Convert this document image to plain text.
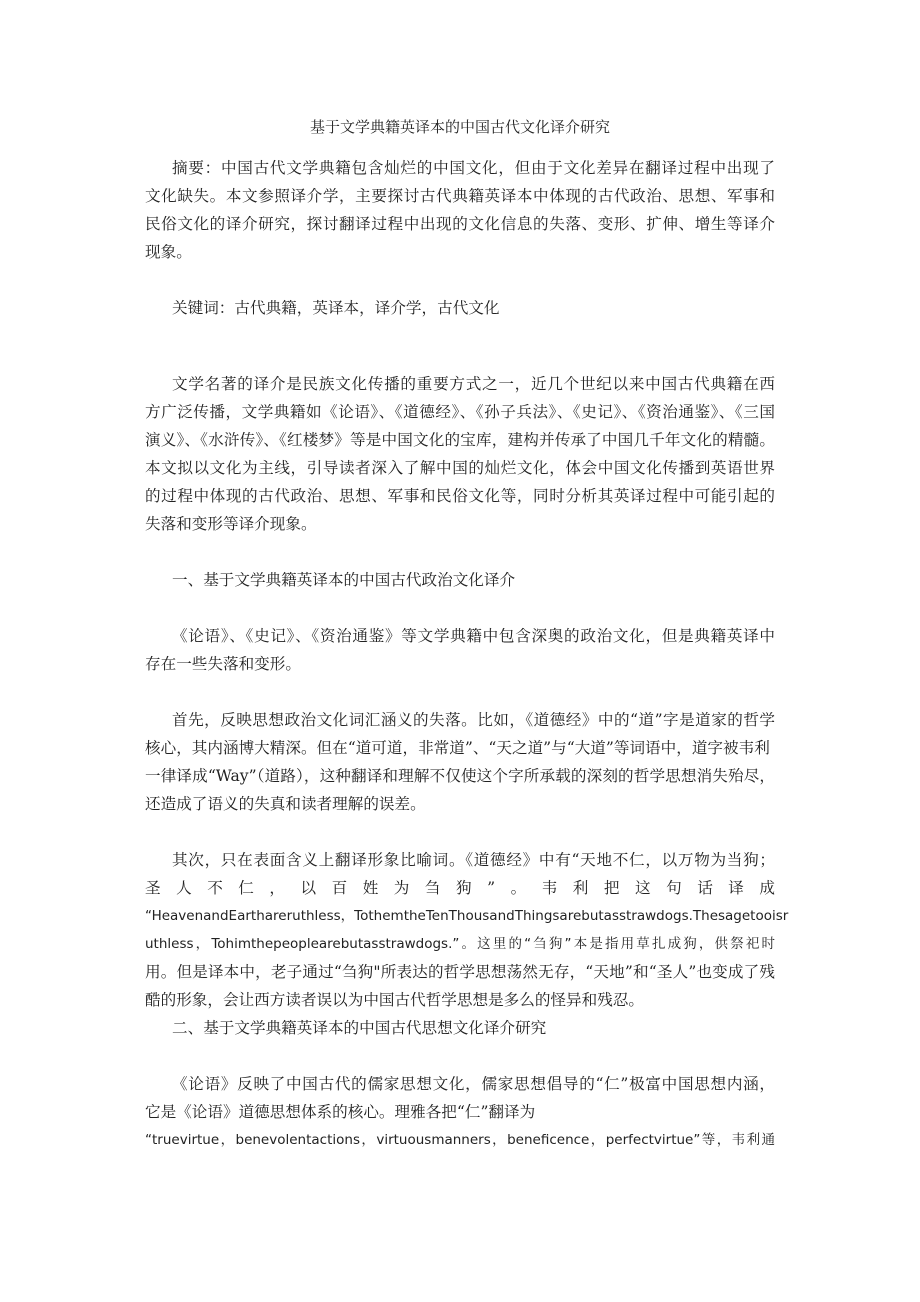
基于文学典籍英译本的中国古代文化译介研究
摘要：中国古代文学典籍包含灿烂的中国文化，但由于文化差异在翻译过程中出现了
文化缺失。本文参照译介学，主要探讨古代典籍英译本中体现的古代政治、思想、军事和
民俗文化的译介研究，探讨翻译过程中出现的文化信息的失落、变形、扩伸、增生等译介
现象。
关键词：古代典籍，英译本，译介学，古代文化
文学名著的译介是民族文化传播的重要方式之一，近几个世纪以来中国古代典籍在西
方广泛传播，文学典籍如《论语》、《道德经》、《孙子兵法》、《史记》、《资治通鉴》、《三国
演义》、《水浒传》、《红楼梦》等是中国文化的宝库，建构并传承了中国几千年文化的精髓。
本文拟以文化为主线，引导读者深入了解中国的灿烂文化，体会中国文化传播到英语世界
的过程中体现的古代政治、思想、军事和民俗文化等，同时分析其英译过程中可能引起的
失落和变形等译介现象。
一、基于文学典籍英译本的中国古代政治文化译介
《论语》、《史记》、《资治通鉴》等文学典籍中包含深奥的政治文化，但是典籍英译中
存在一些失落和变形。
首先，反映思想政治文化词汇涵义的失落。比如，《道德经》中的“道”字是道家的哲学
核心，其内涵博大精深。但在“道可道，非常道”、“天之道”与“大道”等词语中，道字被韦利
一律译成“Way”（道路），这种翻译和理解不仅使这个字所承载的深刻的哲学思想消失殆尽，
还造成了语义的失真和读者理解的误差。
其次，只在表面含义上翻译形象比喻词。《道德经》中有“天地不仁，以万物为当狗；
圣人不仁，以百姓为刍狗”。韦利把这句话译成
“HeavenandEarthareruthless，TothemtheTenThousandThingsarebutasstrawdogs.Thesagetooisr
uthless，Tohimthepeoplearebutasstrawdogs.”。这里的“刍狗”本是指用草扎成狗，供祭祀时
用。但是译本中，老子通过“刍狗"所表达的哲学思想荡然无存，“天地”和“圣人”也变成了残
酷的形象，会让西方读者误以为中国古代哲学思想是多么的怪异和残忍。
二、基于文学典籍英译本的中国古代思想文化译介研究
《论语》反映了中国古代的儒家思想文化，儒家思想倡导的“仁”极富中国思想内涵，
它是《论语》道德思想体系的核心。理雅各把“仁”翻译为
“truevirtue，benevolentactions，virtuousmanners，beneficence，perfectvirtue”等，韦利通
